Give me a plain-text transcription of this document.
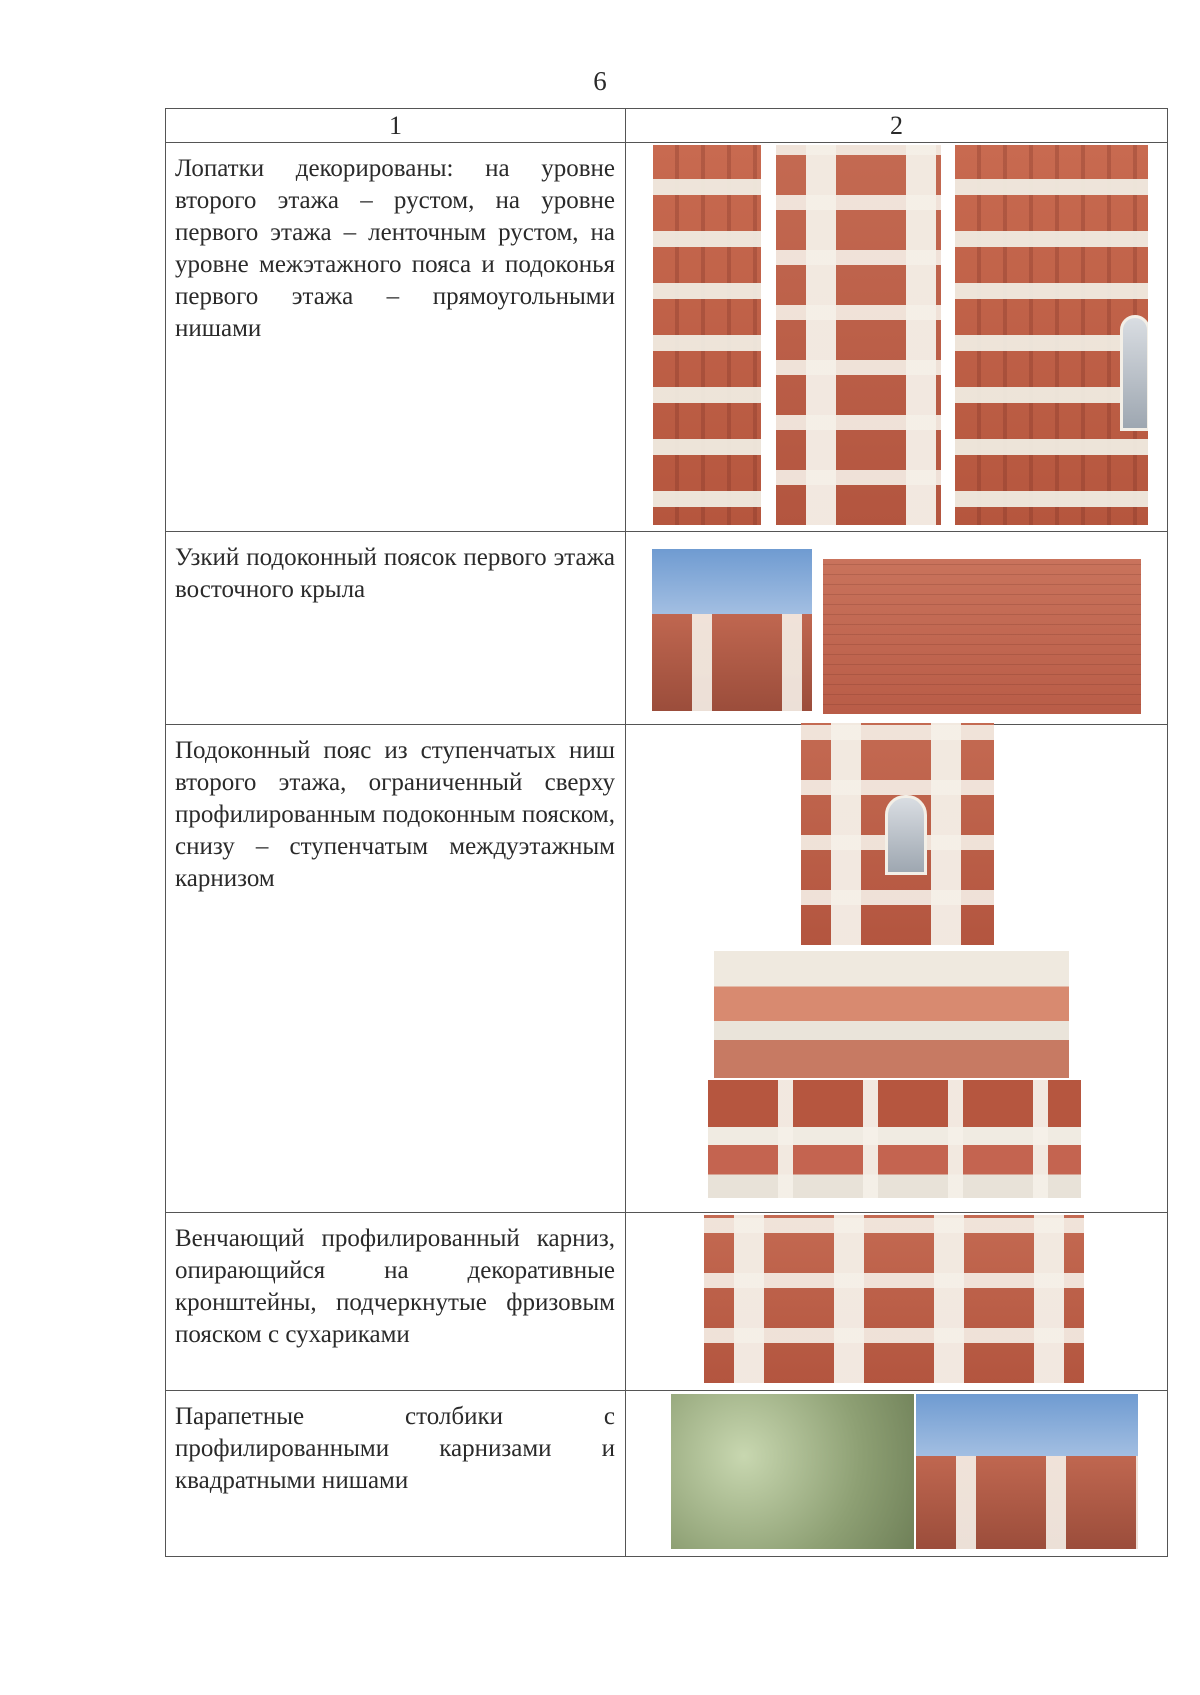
6
1	2
Лопатки декорированы: на уровне второго этажа – рустом, на уровне первого этажа – ленточным рустом, на уровне межэтажного пояса и подоконья первого этажа – прямоугольными нишами	

Узкий подоконный поясок первого этажа восточного крыла	

Подоконный пояс из ступенчатых ниш второго этажа, ограниченный сверху профилированным подоконным пояском, снизу – ступенчатым междуэтажным карнизом	

Венчающий профилированный карниз, опирающийся на декоративные кронштейны, подчеркнутые фризовым пояском с сухариками	

Парапетные столбики с профилированными карнизами и квадратными нишами	
